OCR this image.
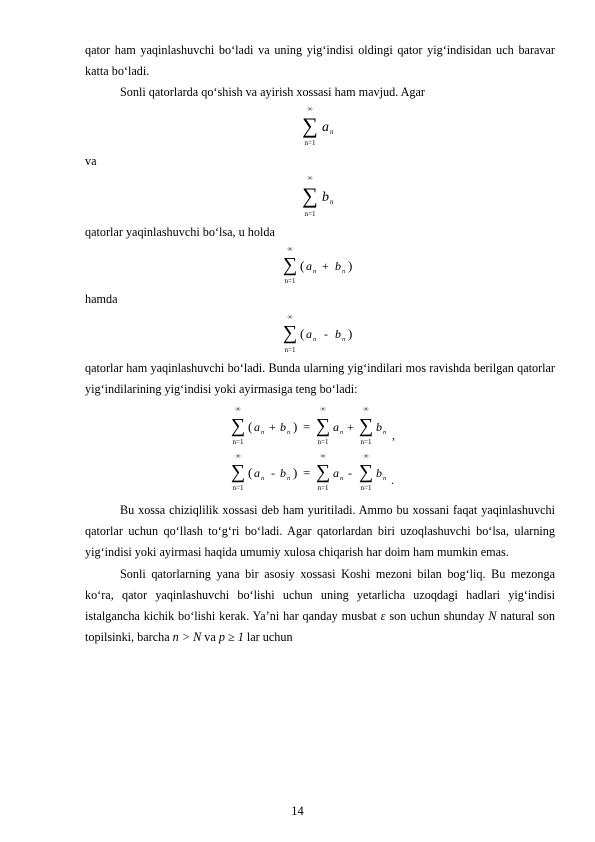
qator ham yaqinlashuvchi bo‘ladi va uning yig‘indisi oldingi qator yig‘indisidan uch baravar katta bo‘ladi.

Sonli qatorlarda qo‘shish va ayirish xossasi ham mavjud. Agar

∞
∑
n=1
a n

va

∞
∑
n=1
b n

qatorlar yaqinlashuvchi bo‘lsa, u holda

∞
∑
n=1
( a n + b n )

hamda

∞
∑
n=1
( a n - b n )

qatorlar ham yaqinlashuvchi bo‘ladi. Bunda ularning yig‘indilari mos ravishda berilgan qatorlar yig‘indilarining yig‘indisi yoki ayirmasiga teng bo‘ladi:

∞
∑
n=1
( a n + b n ) =
∞
∑
n=1
a n +
∞
∑
n=1
b n ,
∞
∑
n=1
( a n - b n ) =
∞
∑
n=1
a n -
∞
∑
n=1
b n .

Bu xossa chiziqlilik xossasi deb ham yuritiladi. Ammo bu xossani faqat yaqinlashuvchi qatorlar uchun qo‘llash to‘g‘ri bo‘ladi. Agar qatorlardan biri uzoqlashuvchi bo‘lsa, ularning yig‘indisi yoki ayirmasi haqida umumiy xulosa chiqarish har doim ham mumkin emas.

Sonli qatorlarning yana bir asosiy xossasi Koshi mezoni bilan bog‘liq. Bu mezonga ko‘ra, qator yaqinlashuvchi bo‘lishi uchun uning yetarlicha uzoqdagi hadlari yig‘indisi istalgancha kichik bo‘lishi kerak. Ya’ni har qanday musbat ε son uchun shunday N natural son topilsinki, barcha n > N va p ≥ 1 lar uchun

14
